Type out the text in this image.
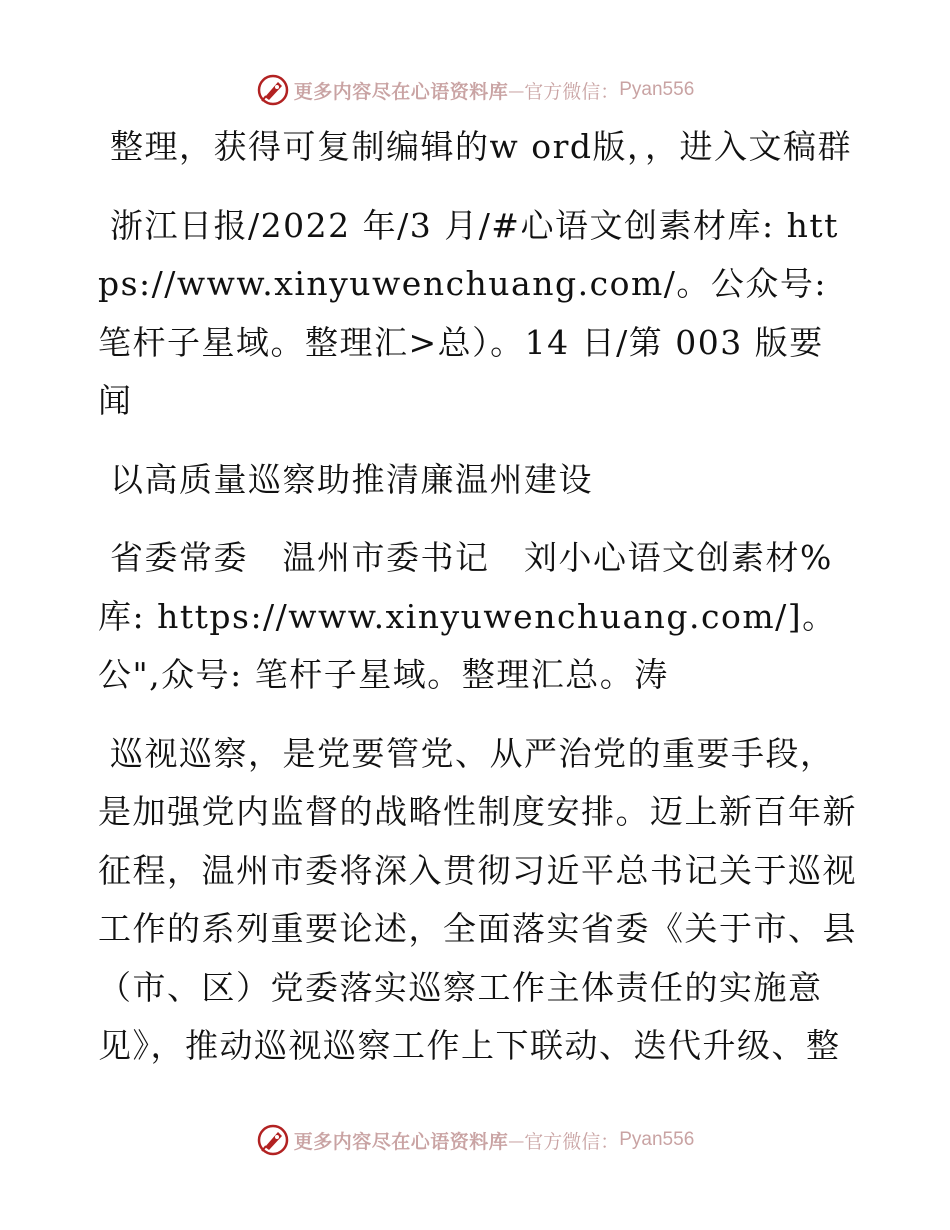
更多内容尽在心语资料库 — 官方微信： Pyan556

整理，获得可复制编辑的w ord版，，进入文稿群

浙江日报/2022 年/3 月/#心语文创素材库: https://www.xinyuwenchuang.com/。公众号: 笔杆子星域。整理汇>总）。14 日/第 003 版要闻

以高质量巡察助推清廉温州建设

省委常委　温州市委书记　刘小心语文创素材%库: https://www.xinyuwenchuang.com/]。公",众号: 笔杆子星域。整理汇总。涛

巡视巡察，是党要管党、从严治党的重要手段，是加强党内监督的战略性制度安排。迈上新百年新征程，温州市委将深入贯彻习近平总书记关于巡视工作的系列重要论述，全面落实省委《关于市、县（市、区）党委落实巡察工作主体责任的实施意见》，推动巡视巡察工作上下联动、迭代升级、整

更多内容尽在心语资料库 — 官方微信： Pyan556
